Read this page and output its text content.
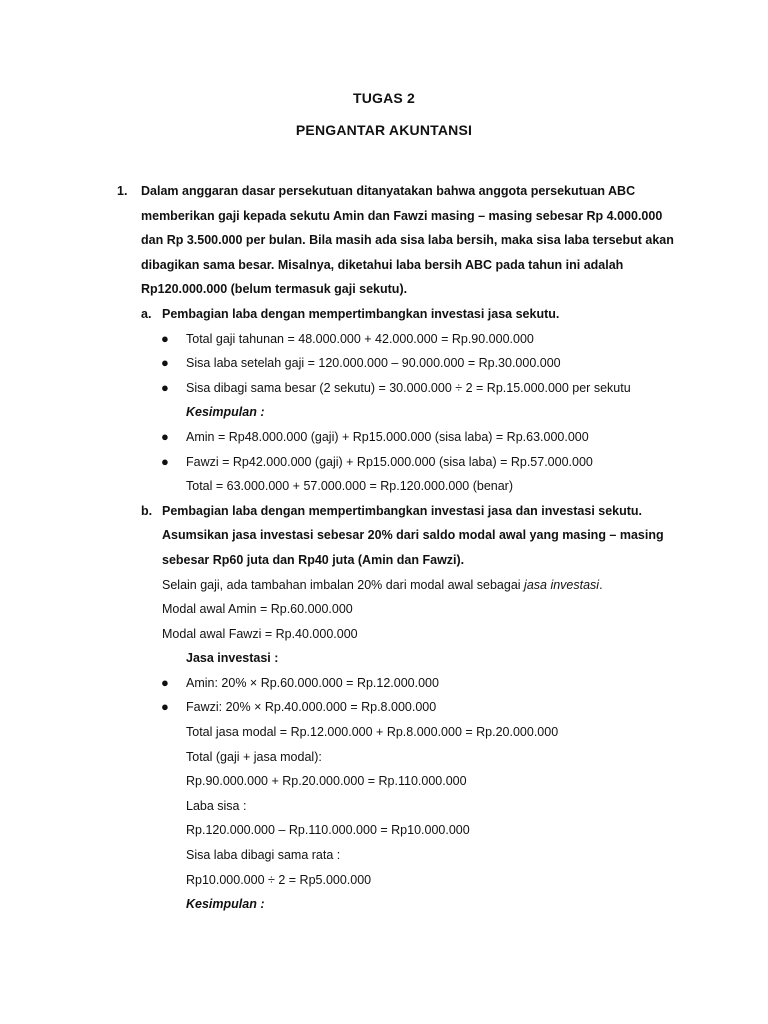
TUGAS 2
PENGANTAR AKUNTANSI
1. Dalam anggaran dasar persekutuan ditanyatakan bahwa anggota persekutuan ABC
memberikan gaji kepada sekutu Amin dan Fawzi masing – masing sebesar Rp 4.000.000
dan Rp 3.500.000 per bulan. Bila masih ada sisa laba bersih, maka sisa laba tersebut akan
dibagikan sama besar. Misalnya, diketahui laba bersih ABC pada tahun ini adalah
Rp120.000.000 (belum termasuk gaji sekutu).
a. Pembagian laba dengan mempertimbangkan investasi jasa sekutu.
● Total gaji tahunan = 48.000.000 + 42.000.000 = Rp.90.000.000
● Sisa laba setelah gaji = 120.000.000 – 90.000.000 = Rp.30.000.000
● Sisa dibagi sama besar (2 sekutu) = 30.000.000 ÷ 2 = Rp.15.000.000 per sekutu
Kesimpulan :
● Amin = Rp48.000.000 (gaji) + Rp15.000.000 (sisa laba) = Rp.63.000.000
● Fawzi = Rp42.000.000 (gaji) + Rp15.000.000 (sisa laba) = Rp.57.000.000
Total = 63.000.000 + 57.000.000 = Rp.120.000.000 (benar)
b. Pembagian laba dengan mempertimbangkan investasi jasa dan investasi sekutu.
Asumsikan jasa investasi sebesar 20% dari saldo modal awal yang masing – masing
sebesar Rp60 juta dan Rp40 juta (Amin dan Fawzi).
Selain gaji, ada tambahan imbalan 20% dari modal awal sebagai jasa investasi.
Modal awal Amin = Rp.60.000.000
Modal awal Fawzi = Rp.40.000.000
Jasa investasi :
● Amin: 20% × Rp.60.000.000 = Rp.12.000.000
● Fawzi: 20% × Rp.40.000.000 = Rp.8.000.000
Total jasa modal = Rp.12.000.000 + Rp.8.000.000 = Rp.20.000.000
Total (gaji + jasa modal):
Rp.90.000.000 + Rp.20.000.000 = Rp.110.000.000
Laba sisa :
Rp.120.000.000 – Rp.110.000.000 = Rp10.000.000
Sisa laba dibagi sama rata :
Rp10.000.000 ÷ 2 = Rp5.000.000
Kesimpulan :
